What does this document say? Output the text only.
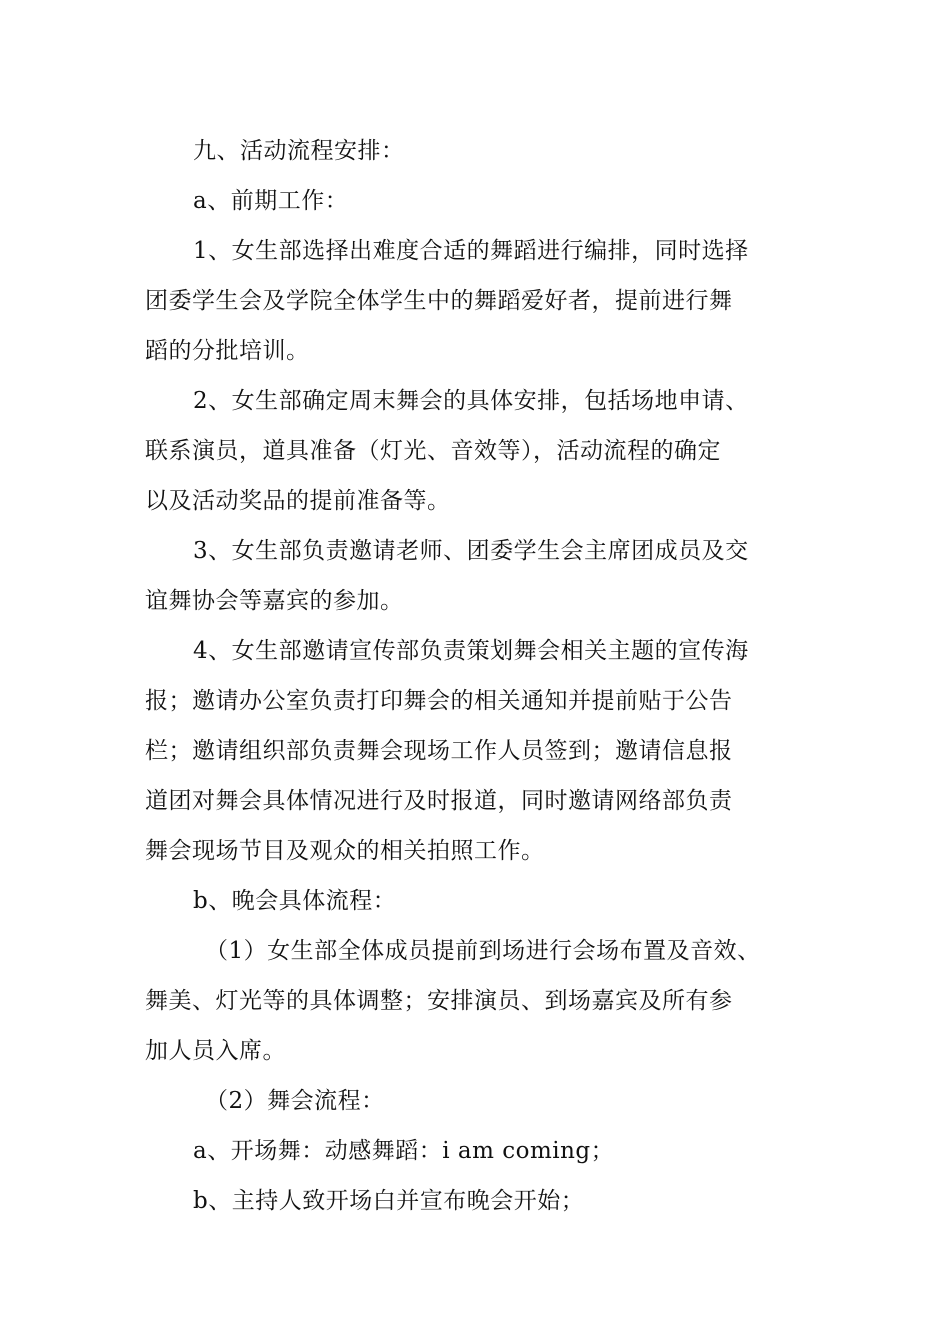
九、活动流程安排：
a、前期工作：
1、女生部选择出难度合适的舞蹈进行编排，同时选择
团委学生会及学院全体学生中的舞蹈爱好者，提前进行舞
蹈的分批培训。
2、女生部确定周末舞会的具体安排，包括场地申请、
联系演员，道具准备（灯光、音效等），活动流程的确定
以及活动奖品的提前准备等。
3、女生部负责邀请老师、团委学生会主席团成员及交
谊舞协会等嘉宾的参加。
4、女生部邀请宣传部负责策划舞会相关主题的宣传海
报；邀请办公室负责打印舞会的相关通知并提前贴于公告
栏；邀请组织部负责舞会现场工作人员签到；邀请信息报
道团对舞会具体情况进行及时报道，同时邀请网络部负责
舞会现场节目及观众的相关拍照工作。
b、晚会具体流程：
（1）女生部全体成员提前到场进行会场布置及音效、
舞美、灯光等的具体调整；安排演员、到场嘉宾及所有参
加人员入席。
（2）舞会流程：
a、开场舞：动感舞蹈：i am coming；
b、主持人致开场白并宣布晚会开始；
